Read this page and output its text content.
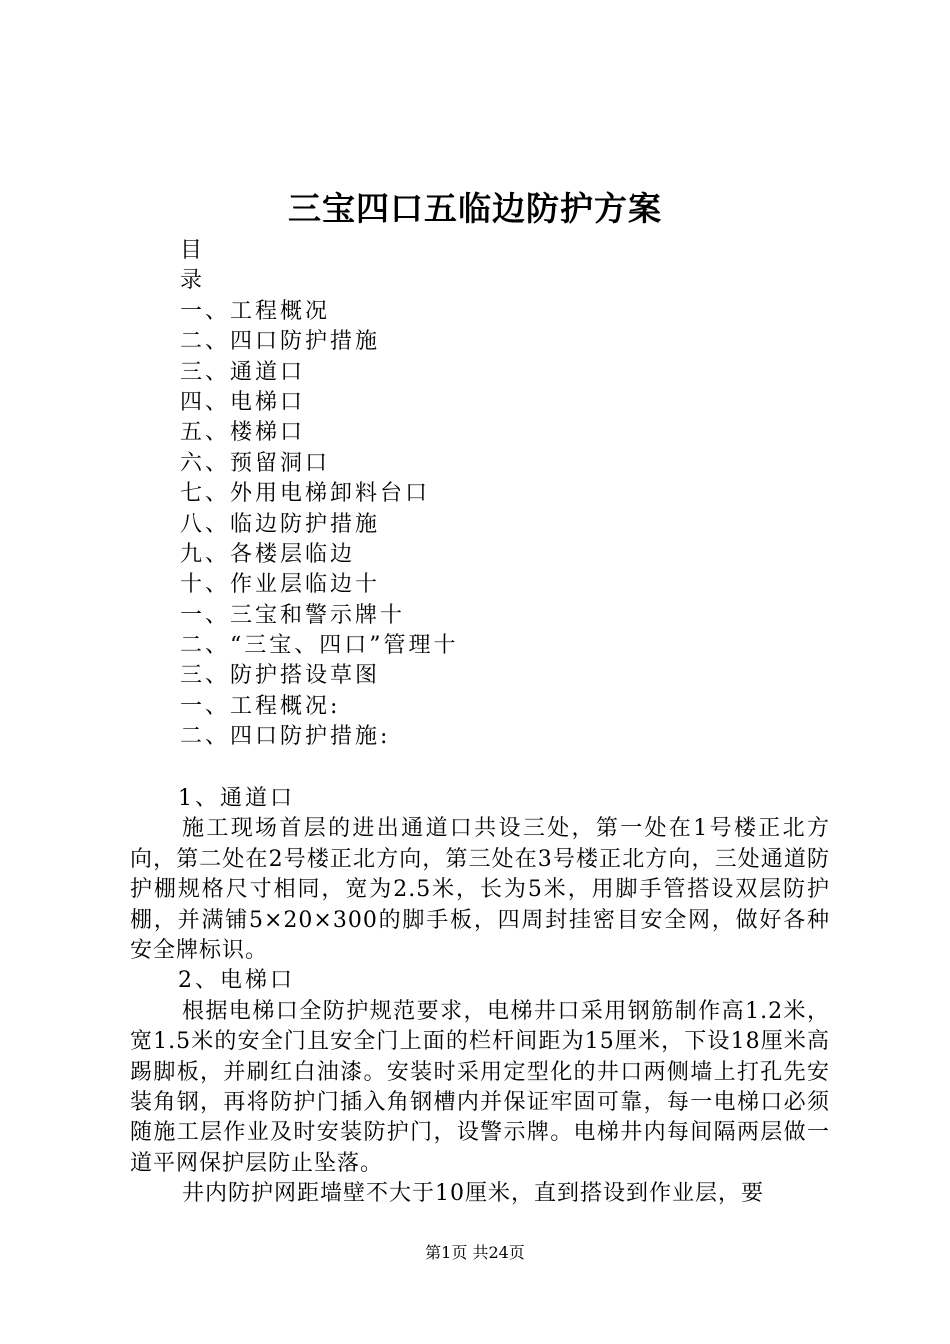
三宝四口五临边防护方案
目
录
一、工程概况
二、四口防护措施
三、通道口
四、电梯口
五、楼梯口
六、预留洞口
七、外用电梯卸料台口
八、临边防护措施
九、各楼层临边
十、作业层临边十
一、三宝和警示牌十
二、“三宝、四口”管理十
三、防护搭设草图
一、工程概况:
二、四口防护措施:

1、通道口

施工现场首层的进出通道口共设三处，第一处在1号楼正北方向，第二处在2号楼正北方向，第三处在3号楼正北方向，三处通道防护棚规格尺寸相同，宽为2.5米，长为5米，用脚手管搭设双层防护棚，并满铺5×20×300的脚手板，四周封挂密目安全网，做好各种安全牌标识。

2、电梯口

根据电梯口全防护规范要求，电梯井口采用钢筋制作高1.2米，宽1.5米的安全门且安全门上面的栏杆间距为15厘米，下设18厘米高踢脚板，并刷红白油漆。安装时采用定型化的井口两侧墙上打孔先安装角钢，再将防护门插入角钢槽内并保证牢固可靠，每一电梯口必须随施工层作业及时安装防护门，设警示牌。电梯井内每间隔两层做一道平网保护层防止坠落。

井内防护网距墙壁不大于10厘米，直到搭设到作业层，要

第1页 共24页
